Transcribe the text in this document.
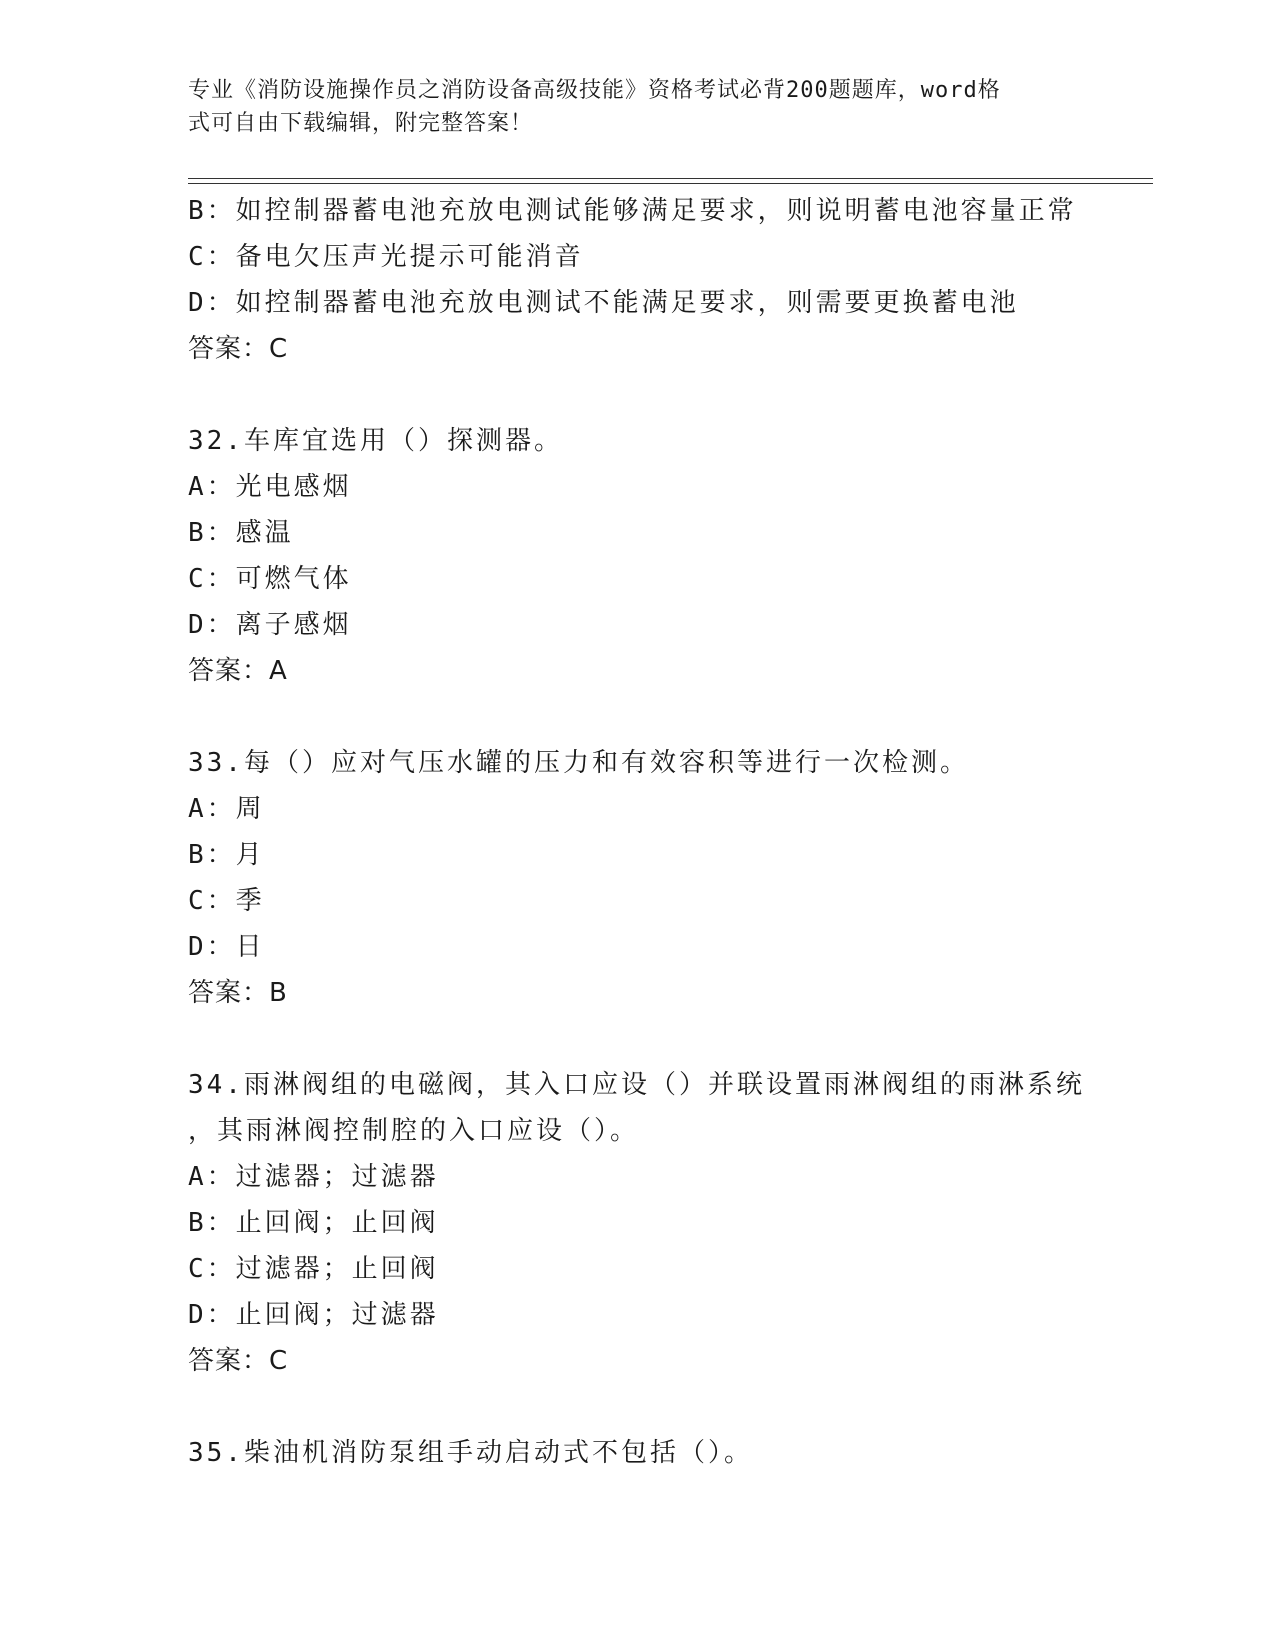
专业《消防设施操作员之消防设备高级技能》资格考试必背200题题库，word格
式可自由下载编辑，附完整答案！
B：如控制器蓄电池充放电测试能够满足要求，则说明蓄电池容量正常
C：备电欠压声光提示可能消音
D：如控制器蓄电池充放电测试不能满足要求，则需要更换蓄电池
答案：C
32.车库宜选用（）探测器。
A：光电感烟
B：感温
C：可燃气体
D：离子感烟
答案：A
33.每（）应对气压水罐的压力和有效容积等进行一次检测。
A：周
B：月
C：季
D：日
答案：B
34.雨淋阀组的电磁阀，其入口应设（）并联设置雨淋阀组的雨淋系统
，其雨淋阀控制腔的入口应设（）。
A：过滤器；过滤器
B：止回阀；止回阀
C：过滤器；止回阀
D：止回阀；过滤器
答案：C
35.柴油机消防泵组手动启动式不包括（）。
